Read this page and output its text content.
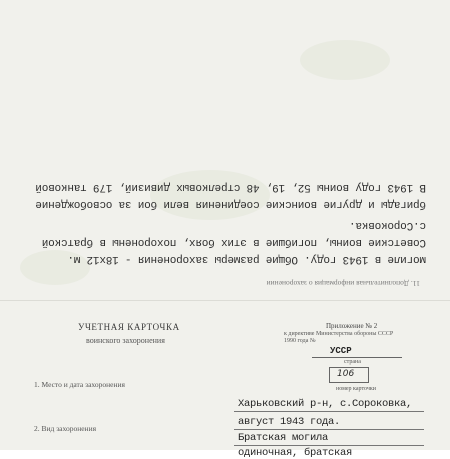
11. Дополнительная информация о захоронении
могиле в 1943 году. Общие размеры захоронения - 18х12 м.
Советские воины, погибшие в этих боях, похоронены в братской
с.Сороковка.
бригады и другие воинские соединения вели бои за освобождение
В 1943 году воины 52, 19, 48 стрелковых дивизий, 179 танковой
УЧЕТНАЯ КАРТОЧКА
воинского захоронения
Приложение № 2
к директиве Министерства обороны СССР
1990 года №
УССР
страна
106
номер карточки
1. Место и дата захоронения
2. Вид захоронения
Харьковский р-н, с.Сороковка,
август 1943 года.
Братская могила
одиночная, братская
